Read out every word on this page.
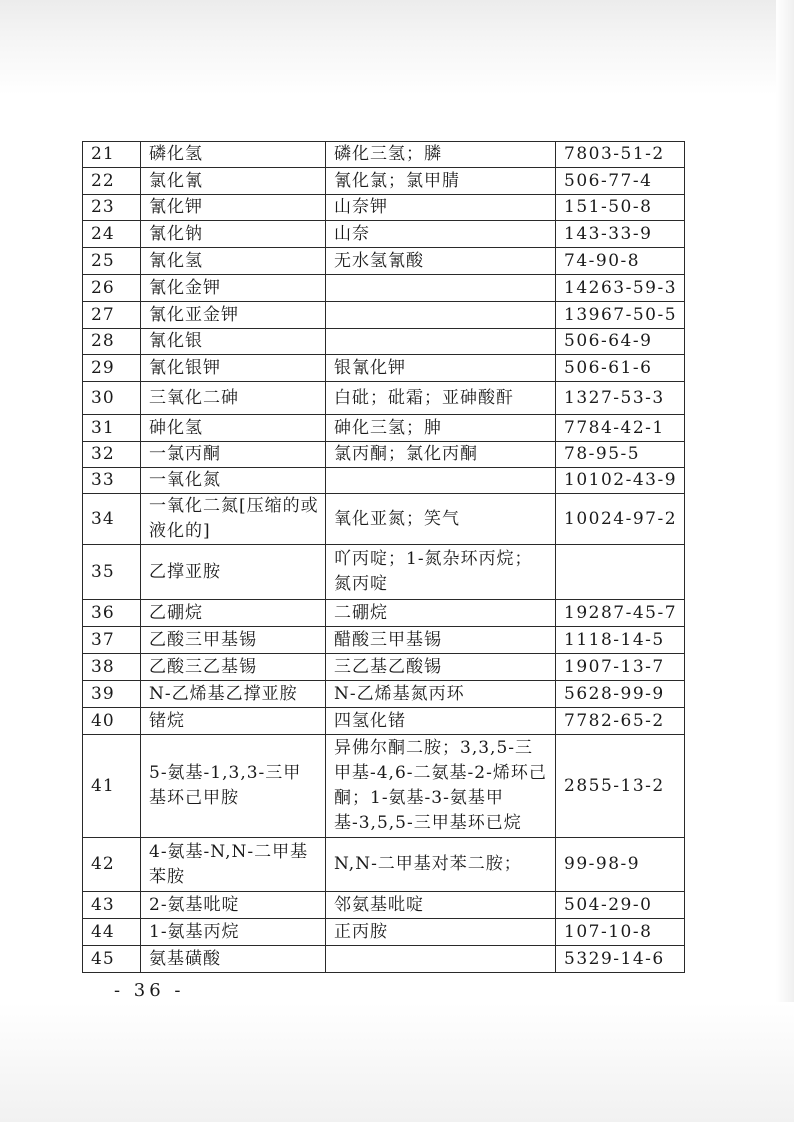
21	磷化氢	磷化三氢；膦	7803-51-2
22	氯化氰	氰化氯；氯甲腈	506-77-4
23	氰化钾	山奈钾	151-50-8
24	氰化钠	山奈	143-33-9
25	氰化氢	无水氢氰酸	74-90-8
26	氰化金钾		14263-59-3
27	氰化亚金钾		13967-50-5
28	氰化银		506-64-9
29	氰化银钾	银氰化钾	506-61-6
30	三氧化二砷	白砒；砒霜；亚砷酸酐	1327-53-3
31	砷化氢	砷化三氢；胂	7784-42-1
32	一氯丙酮	氯丙酮；氯化丙酮	78-95-5
33	一氧化氮		10102-43-9
34	一氧化二氮[压缩的或液化的]	氧化亚氮；笑气	10024-97-2
35	乙撑亚胺	吖丙啶；1-氮杂环丙烷；氮丙啶	
36	乙硼烷	二硼烷	19287-45-7
37	乙酸三甲基锡	醋酸三甲基锡	1118-14-5
38	乙酸三乙基锡	三乙基乙酸锡	1907-13-7
39	N-乙烯基乙撑亚胺	N-乙烯基氮丙环	5628-99-9
40	锗烷	四氢化锗	7782-65-2
41	5-氨基-1,3,3-三甲基环己甲胺	异佛尔酮二胺；3,3,5-三甲基-4,6-二氨基-2-烯环己酮；1-氨基-3-氨基甲基-3,5,5-三甲基环已烷	2855-13-2
42	4-氨基-N,N-二甲基苯胺	N,N-二甲基对苯二胺；	99-98-9
43	2-氨基吡啶	邻氨基吡啶	504-29-0
44	1-氨基丙烷	正丙胺	107-10-8
45	氨基磺酸		5329-14-6
- 36 -
